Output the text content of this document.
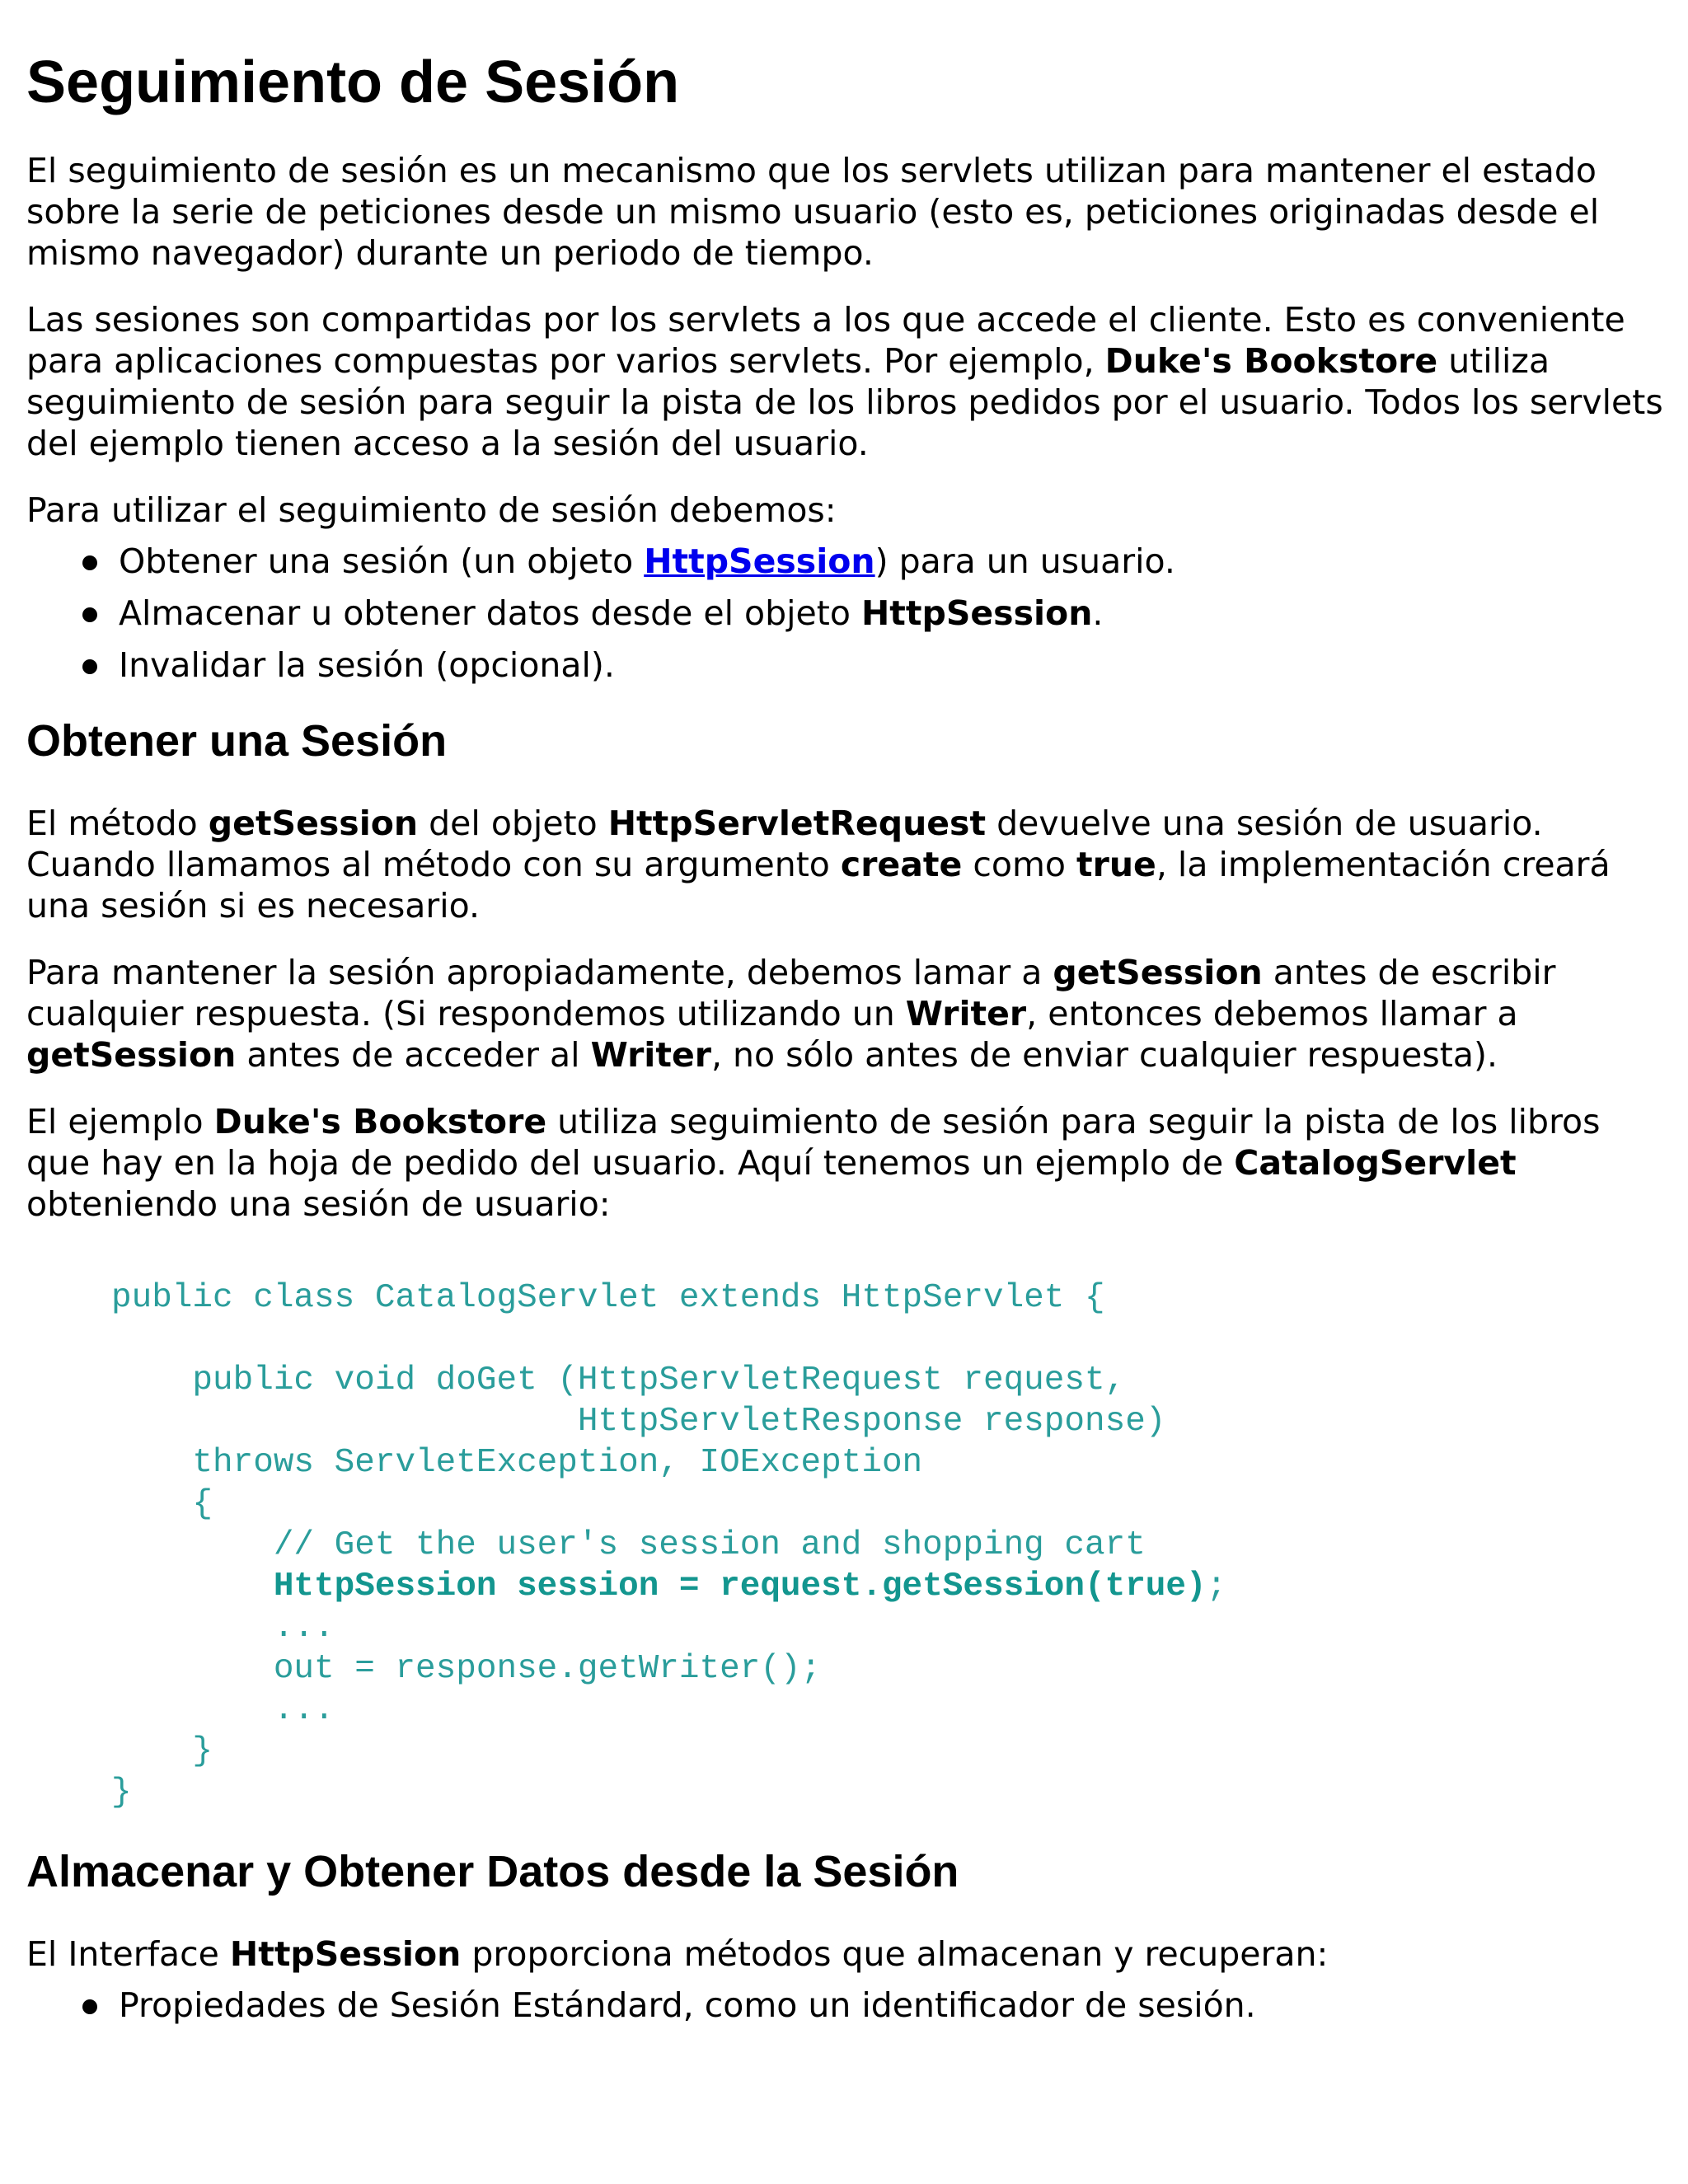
Seguimiento de Sesión

El seguimiento de sesión es un mecanismo que los servlets utilizan para mantener el estado sobre la serie de peticiones desde un mismo usuario (esto es, peticiones originadas desde el mismo navegador) durante un periodo de tiempo.

Las sesiones son compartidas por los servlets a los que accede el cliente. Esto es conveniente para aplicaciones compuestas por varios servlets. Por ejemplo, Duke's Bookstore utiliza seguimiento de sesión para seguir la pista de los libros pedidos por el usuario. Todos los servlets del ejemplo tienen acceso a la sesión del usuario.

Para utilizar el seguimiento de sesión debemos:

Obtener una sesión (un objeto HttpSession) para un usuario.
Almacenar u obtener datos desde el objeto HttpSession.
Invalidar la sesión (opcional).
Obtener una Sesión

El método getSession del objeto HttpServletRequest devuelve una sesión de usuario. Cuando llamamos al método con su argumento create como true, la implementación creará una sesión si es necesario.

Para mantener la sesión apropiadamente, debemos lamar a getSession antes de escribir cualquier respuesta. (Si respondemos utilizando un Writer, entonces debemos llamar a getSession antes de acceder al Writer, no sólo antes de enviar cualquier respuesta).

El ejemplo Duke's Bookstore utiliza seguimiento de sesión para seguir la pista de los libros que hay en la hoja de pedido del usuario. Aquí tenemos un ejemplo de CatalogServlet obteniendo una sesión de usuario:

public class CatalogServlet extends HttpServlet {

public void doGet (HttpServletRequest request,
HttpServletResponse response)
throws ServletException, IOException
{
// Get the user's session and shopping cart
HttpSession session = request.getSession(true);
...
out = response.getWriter();
...
}
}
Almacenar y Obtener Datos desde la Sesión

El Interface HttpSession proporciona métodos que almacenan y recuperan:

Propiedades de Sesión Estándard, como un identificador de sesión.
